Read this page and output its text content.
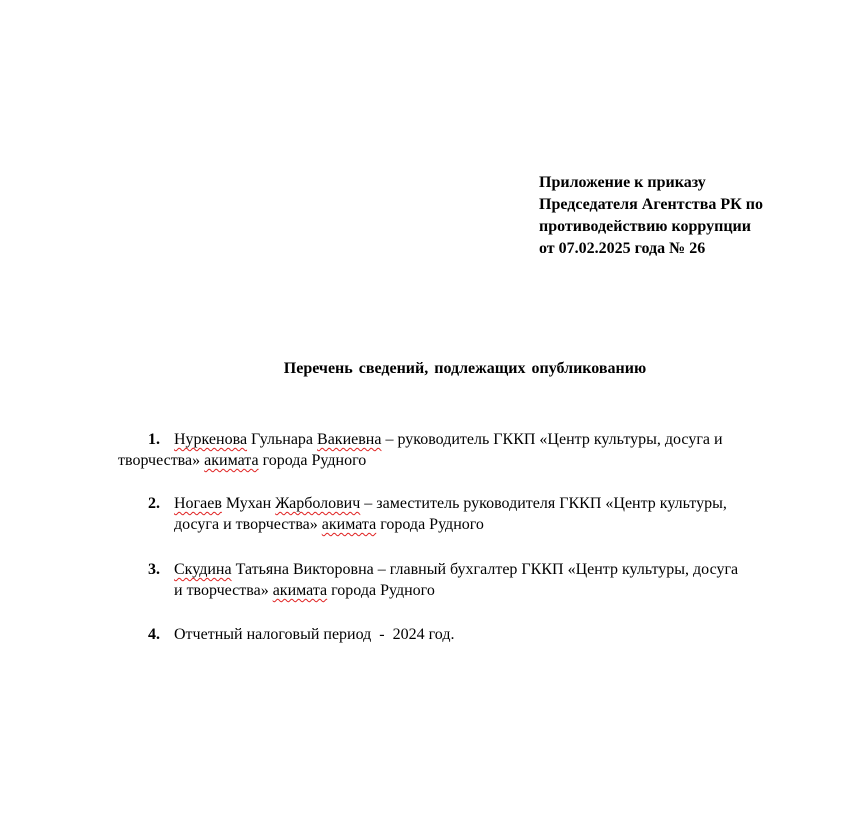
Приложение к приказу
Председателя Агентства РК по
противодействию коррупции
от 07.02.2025 года № 26
Перечень сведений, подлежащих опубликованию
1. Нуркенова Гульнара Вакиевна – руководитель ГККП «Центр культуры, досуга и
творчества» акимата города Рудного
2. Ногаев Мухан Жарболович – заместитель руководителя ГККП «Центр культуры,
досуга и творчества» акимата города Рудного
3. Скудина Татьяна Викторовна – главный бухгалтер ГККП «Центр культуры, досуга
и творчества» акимата города Рудного
4. Отчетный налоговый период  -  2024 год.
